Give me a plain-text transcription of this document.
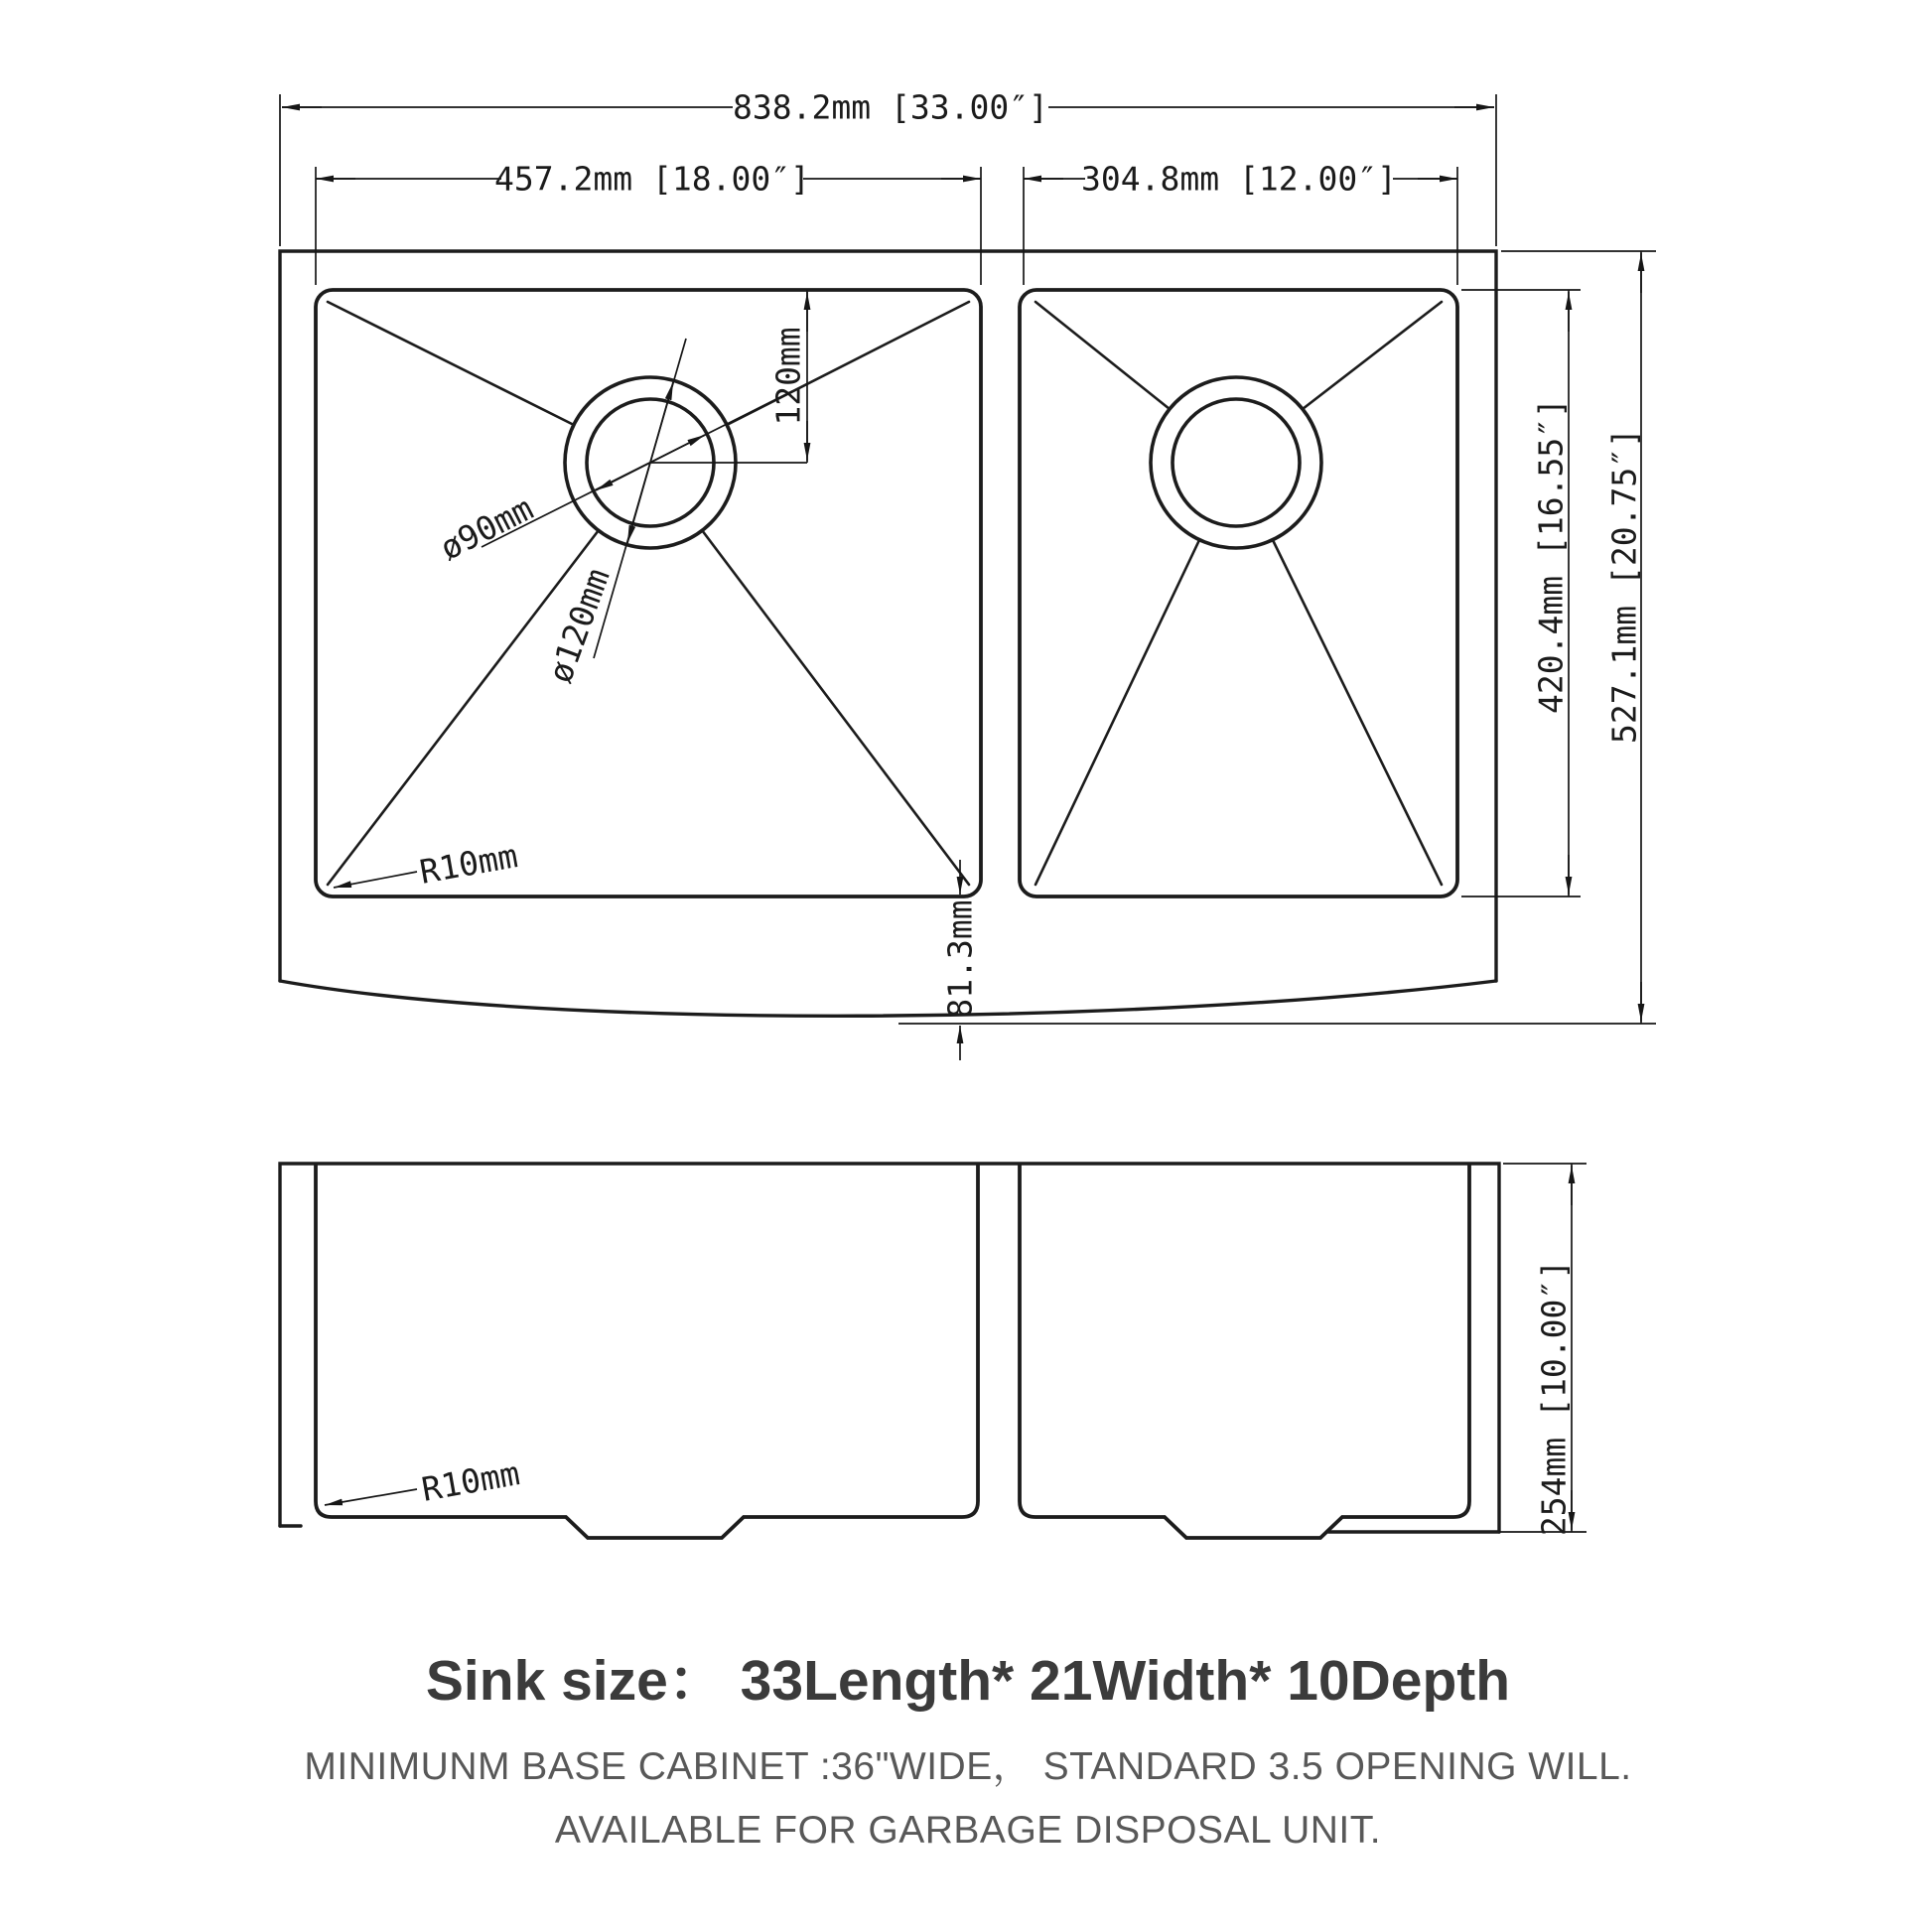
838.2mm [33.00″]
457.2mm [18.00″]	304.8mm [12.00″]
120mm
ø90mm
ø120mm
R10mm
81.3mm
420.4mm [16.55″] 527.1mm [20.75″]
R10mm	254mm [10.00″]
Sink size： 33Length* 21Width* 10Depth
MINIMUNM BASE CABINET :36"WIDE， STANDARD 3.5 OPENING WILL.
AVAILABLE FOR GARBAGE DISPOSAL UNIT.
